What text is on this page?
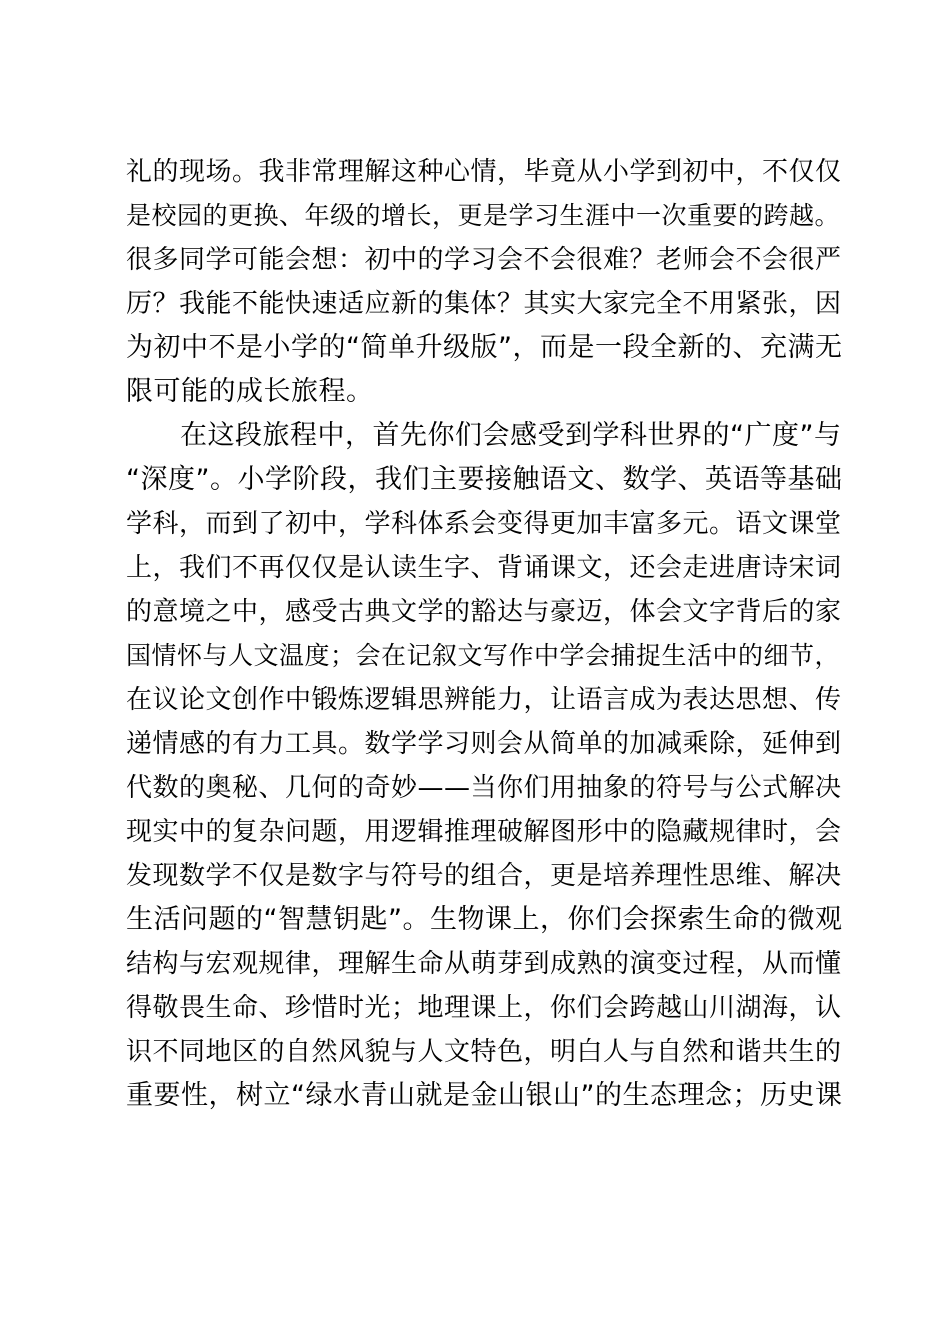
礼的现场。我非常理解这种心情，毕竟从小学到初中，不仅仅
是校园的更换、年级的增长，更是学习生涯中一次重要的跨越。
很多同学可能会想：初中的学习会不会很难？老师会不会很严
厉？我能不能快速适应新的集体？其实大家完全不用紧张，因
为初中不是小学的“简单升级版”，而是一段全新的、充满无
限可能的成长旅程。
在这段旅程中，首先你们会感受到学科世界的“广度”与
“深度”。小学阶段，我们主要接触语文、数学、英语等基础
学科，而到了初中，学科体系会变得更加丰富多元。语文课堂
上，我们不再仅仅是认读生字、背诵课文，还会走进唐诗宋词
的意境之中，感受古典文学的豁达与豪迈，体会文字背后的家
国情怀与人文温度；会在记叙文写作中学会捕捉生活中的细节，
在议论文创作中锻炼逻辑思辨能力，让语言成为表达思想、传
递情感的有力工具。数学学习则会从简单的加减乘除，延伸到
代数的奥秘、几何的奇妙——当你们用抽象的符号与公式解决
现实中的复杂问题，用逻辑推理破解图形中的隐藏规律时，会
发现数学不仅是数字与符号的组合，更是培养理性思维、解决
生活问题的“智慧钥匙”。生物课上，你们会探索生命的微观
结构与宏观规律，理解生命从萌芽到成熟的演变过程，从而懂
得敬畏生命、珍惜时光；地理课上，你们会跨越山川湖海，认
识不同地区的自然风貌与人文特色，明白人与自然和谐共生的
重要性，树立“绿水青山就是金山银山”的生态理念；历史课
